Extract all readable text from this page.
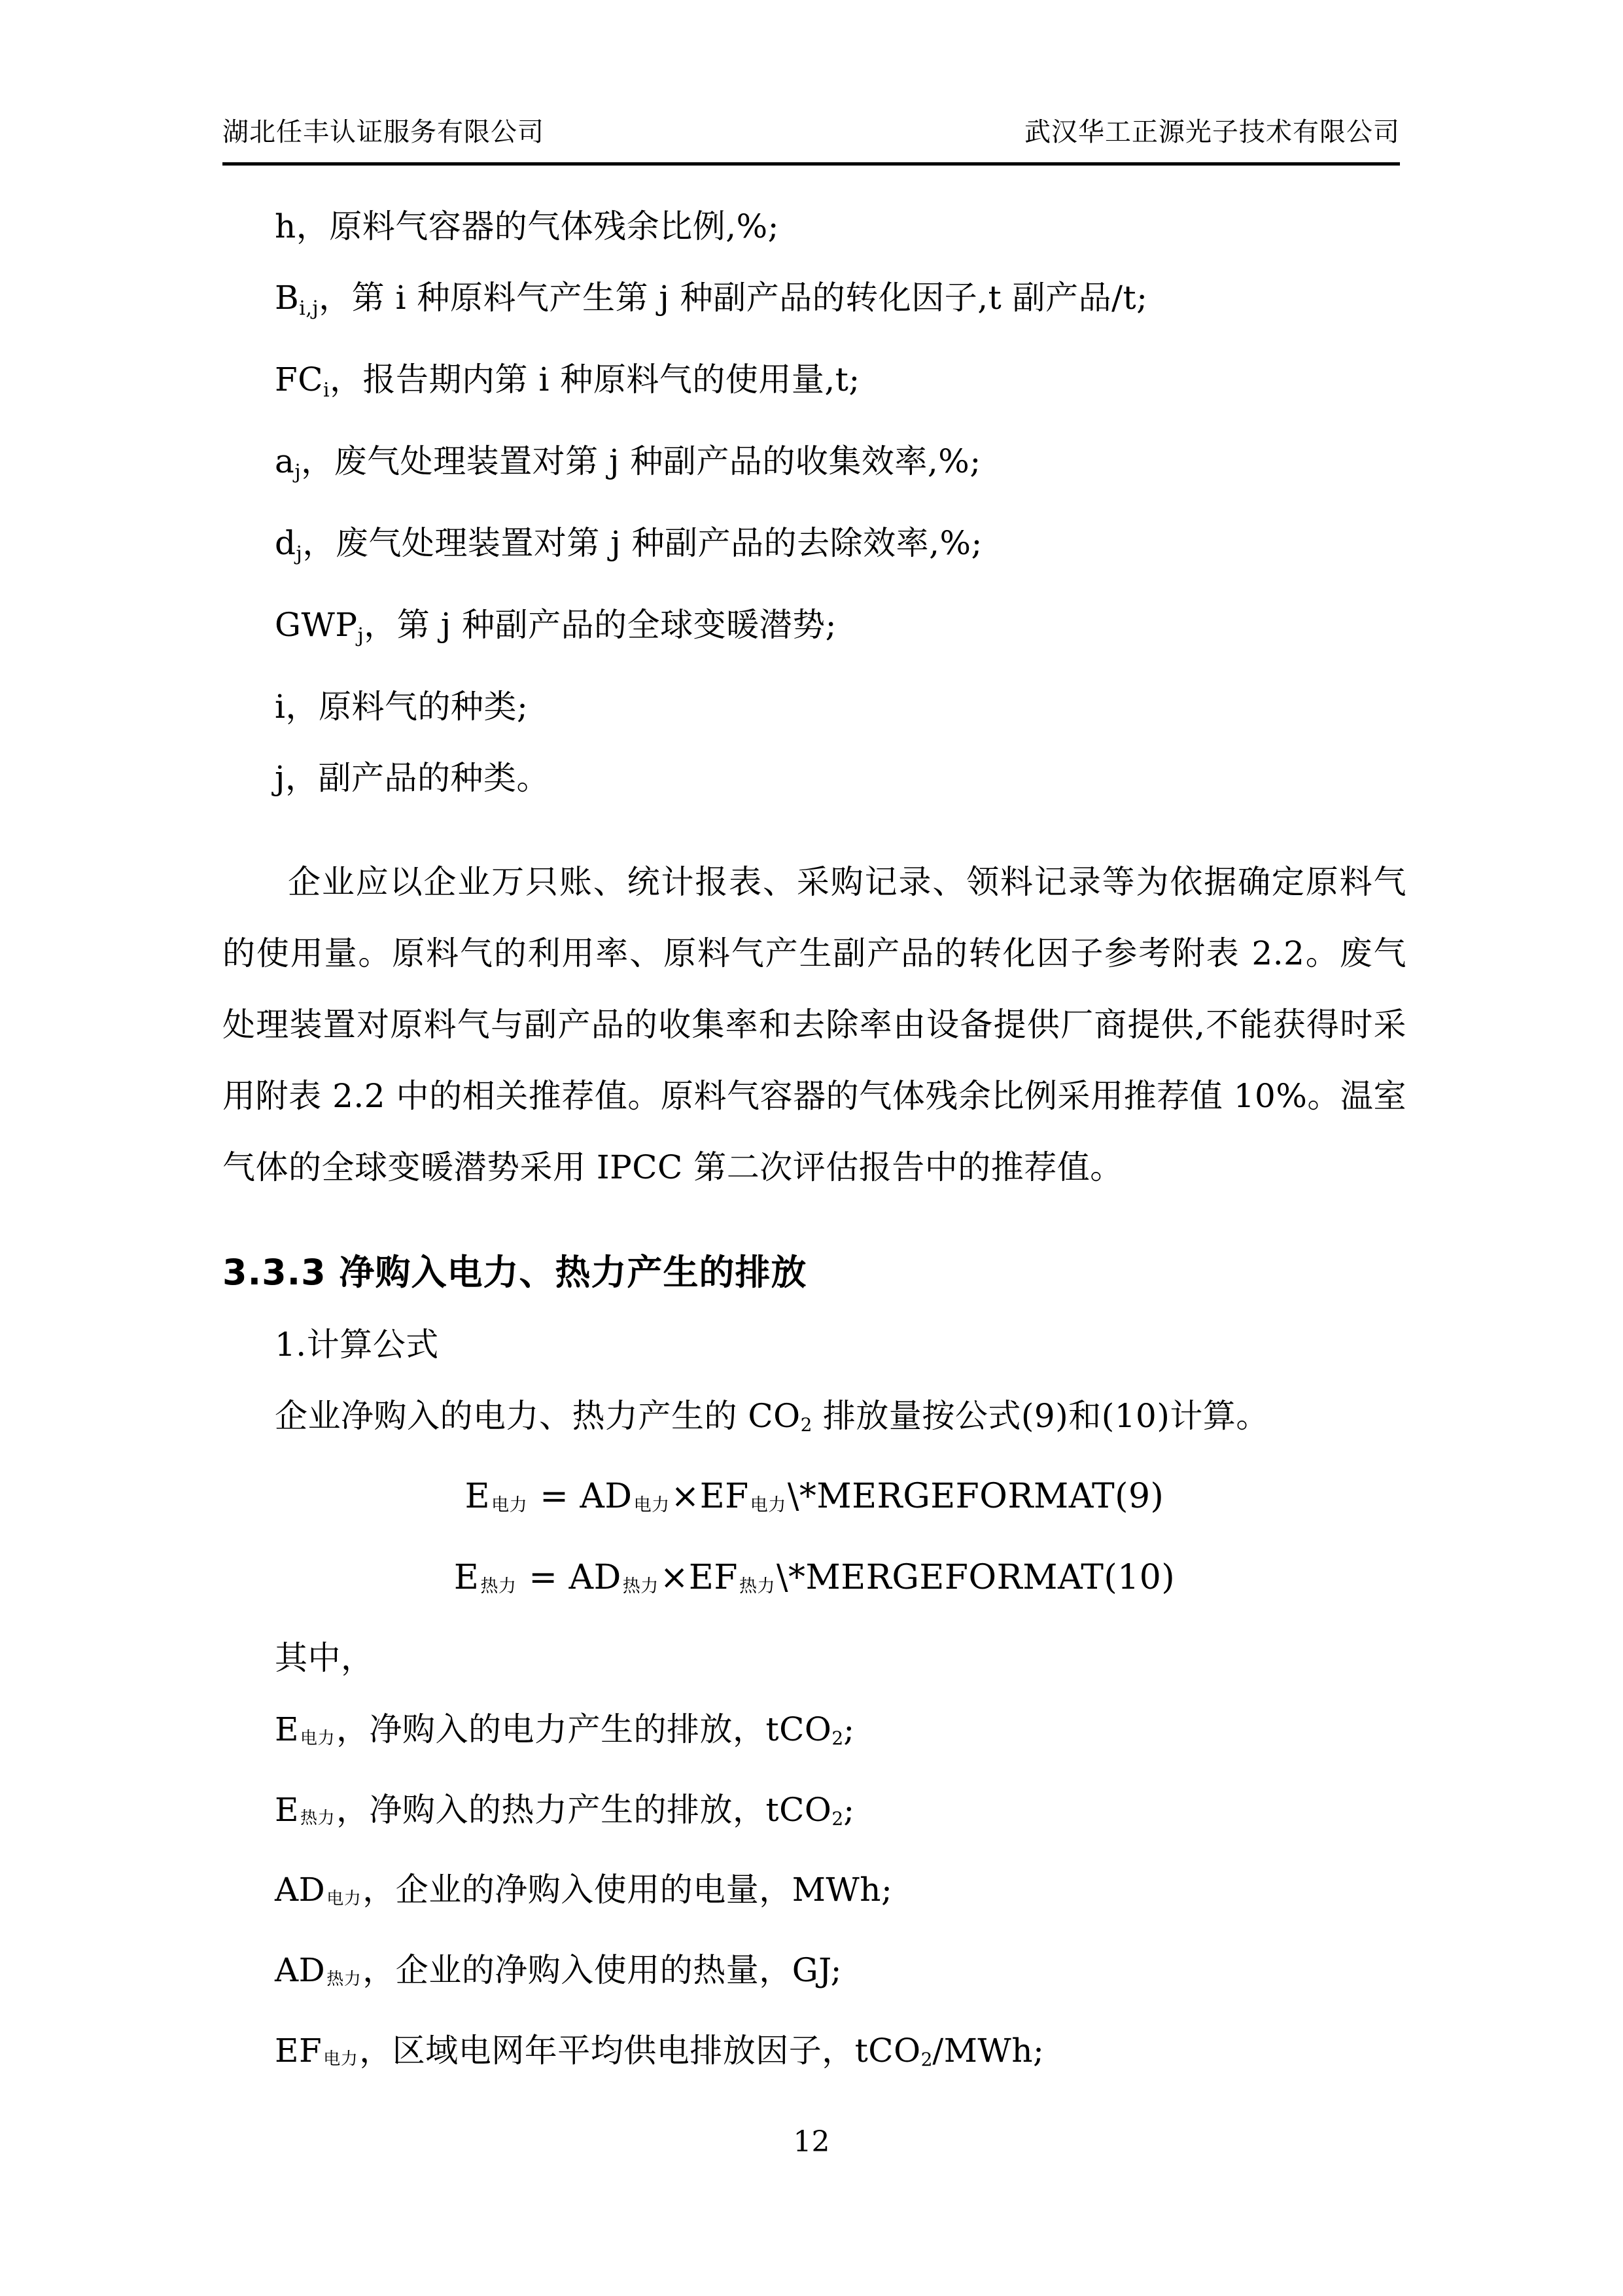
湖北任丰认证服务有限公司	武汉华工正源光子技术有限公司
h，原料气容器的气体残余比例,%;
Bi,j，第 i 种原料气产生第 j 种副产品的转化因子,t 副产品/t;
FCi，报告期内第 i 种原料气的使用量,t;
aj，废气处理装置对第 j 种副产品的收集效率,%;
dj，废气处理装置对第 j 种副产品的去除效率,%;
GWPj，第 j 种副产品的全球变暖潜势;
i，原料气的种类;
j，副产品的种类。

企业应以企业万只账、统计报表、采购记录、领料记录等为依据确定原料气的使用量。原料气的利用率、原料气产生副产品的转化因子参考附表 2.2。废气处理装置对原料气与副产品的收集率和去除率由设备提供厂商提供,不能获得时采用附表 2.2 中的相关推荐值。原料气容器的气体残余比例采用推荐值 10%。温室气体的全球变暖潜势采用 IPCC 第二次评估报告中的推荐值。

3.3.3 净购入电力、热力产生的排放
1.计算公式
企业净购入的电力、热力产生的 $CO_2$ 排放量按公式(9)和(10)计算。
E电力 = AD电力×EF电力\*MERGEFORMAT(9)
E热力 = AD热力×EF热力\*MERGEFORMAT(10)
其中，
E电力，净购入的电力产生的排放，tCO$_2$;
E热力，净购入的热力产生的排放，tCO$_2$;
AD电力，企业的净购入使用的电量，MWh;
AD热力，企业的净购入使用的热量，GJ;
EF电力，区域电网年平均供电排放因子，tCO$_2$/MWh;
12
